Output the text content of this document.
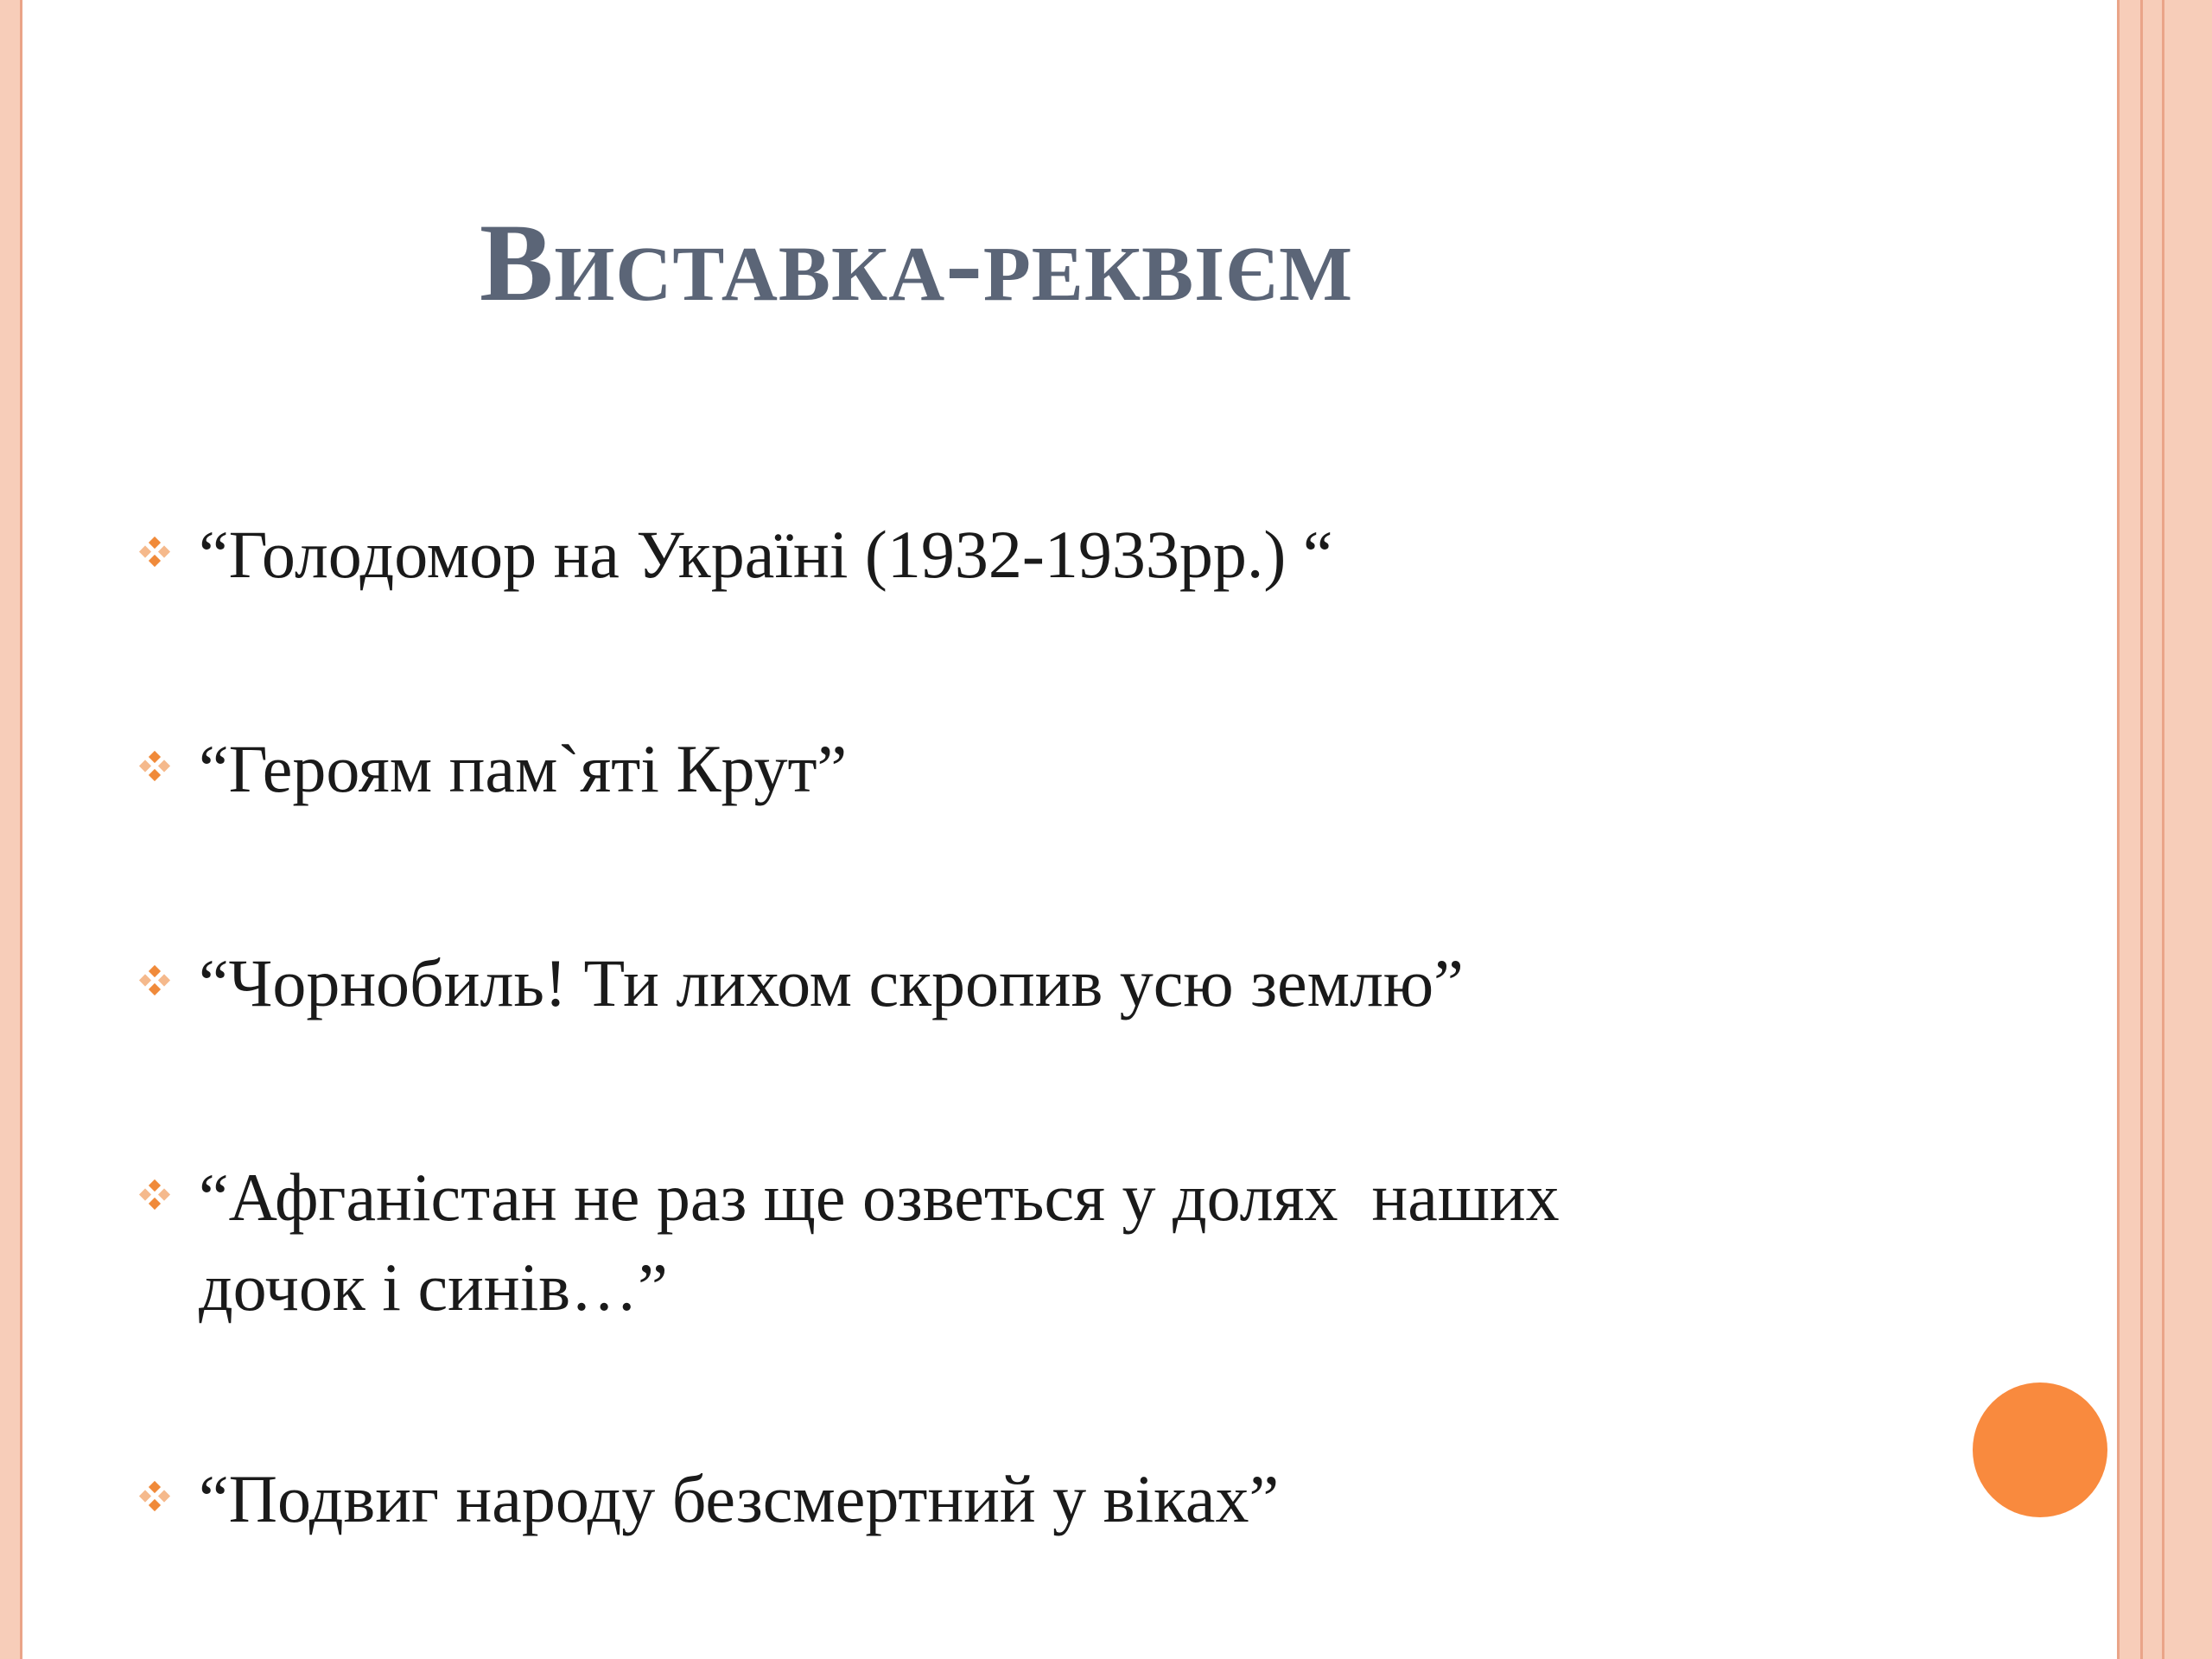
Виставка-реквієм
“Голодомор на Україні (1932-1933рр.) “
“Героям пам`яті Крут”
“Чорнобиль! Ти лихом скропив усю землю”
“Афганістан не раз ще озветься у долях  наших
дочок і синів…”
“Подвиг народу безсмертний у віках”
